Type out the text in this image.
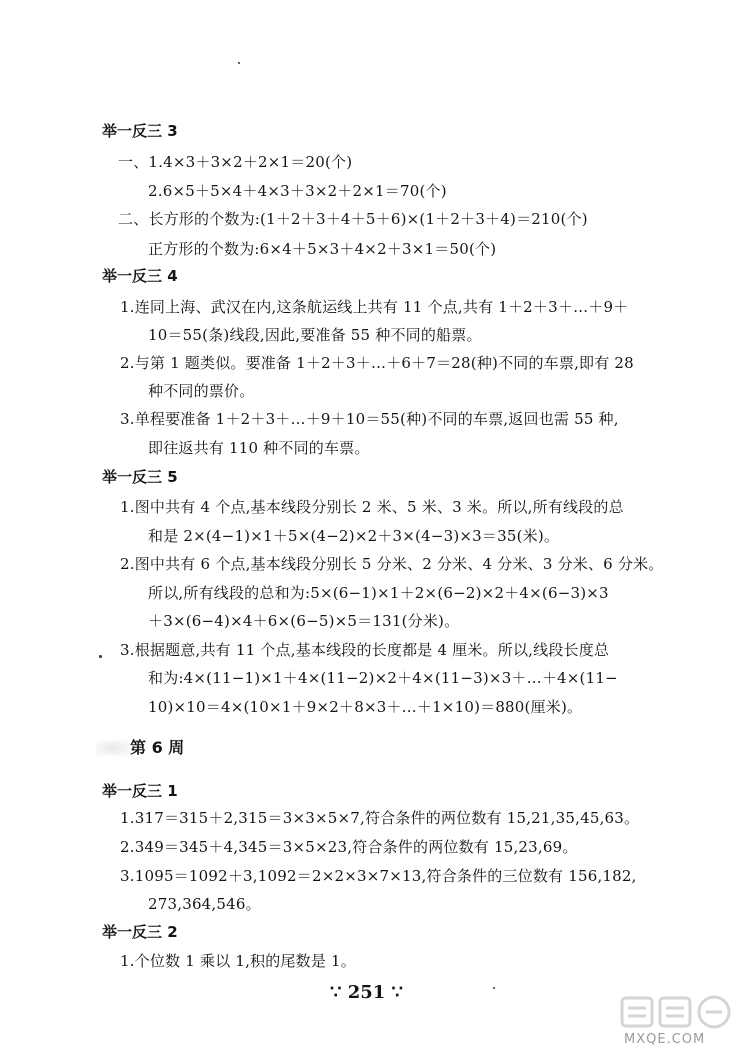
举一反三 3
一、1.4×3＋3×2＋2×1＝20(个)
2.6×5＋5×4＋4×3＋3×2＋2×1＝70(个)
二、长方形的个数为:(1＋2＋3＋4＋5＋6)×(1＋2＋3＋4)＝210(个)
正方形的个数为:6×4＋5×3＋4×2＋3×1＝50(个)
举一反三 4
1.连同上海、武汉在内,这条航运线上共有 11 个点,共有 1＋2＋3＋…＋9＋
10＝55(条)线段,因此,要准备 55 种不同的船票。
2.与第 1 题类似。要准备 1＋2＋3＋…＋6＋7＝28(种)不同的车票,即有 28
种不同的票价。
3.单程要准备 1＋2＋3＋…＋9＋10＝55(种)不同的车票,返回也需 55 种,
即往返共有 110 种不同的车票。
举一反三 5
1.图中共有 4 个点,基本线段分别长 2 米、5 米、3 米。所以,所有线段的总
和是 2×(4−1)×1＋5×(4−2)×2＋3×(4−3)×3＝35(米)。
2.图中共有 6 个点,基本线段分别长 5 分米、2 分米、4 分米、3 分米、6 分米。
所以,所有线段的总和为:5×(6−1)×1＋2×(6−2)×2＋4×(6−3)×3
＋3×(6−4)×4＋6×(6−5)×5＝131(分米)。
3.根据题意,共有 11 个点,基本线段的长度都是 4 厘米。所以,线段长度总
和为:4×(11−1)×1＋4×(11−2)×2＋4×(11−3)×3＋…＋4×(11−
10)×10＝4×(10×1＋9×2＋8×3＋…＋1×10)＝880(厘米)。
第 6 周
举一反三 1
1.317＝315＋2,315＝3×3×5×7,符合条件的两位数有 15,21,35,45,63。
2.349＝345＋4,345＝3×5×23,符合条件的两位数有 15,23,69。
3.1095＝1092＋3,1092＝2×2×3×7×13,符合条件的三位数有 156,182,
273,364,546。
举一反三 2
1.个位数 1 乘以 1,积的尾数是 1。
∵ 251 ∵
MXQE.COM
